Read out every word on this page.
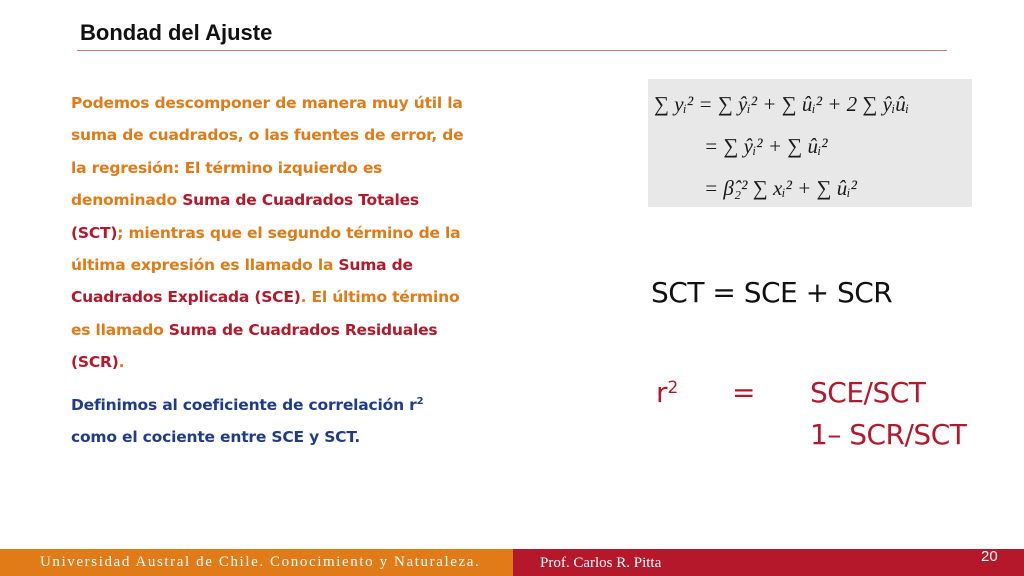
Bondad del Ajuste
Podemos descomponer de manera muy útil la suma de cuadrados, o las fuentes de error, de la regresión: El término izquierdo es denominado Suma de Cuadrados Totales (SCT); mientras que el segundo término de la última expresión es llamado la Suma de Cuadrados Explicada (SCE). El último término es llamado Suma de Cuadrados Residuales (SCR).
Definimos al coeficiente de correlación $r^2$ como el cociente entre SCE y SCT.
∑ yᵢ² = ∑ ŷᵢ² + ∑ ûᵢ² + 2 ∑ ŷᵢûᵢ
= ∑ ŷᵢ² + ∑ ûᵢ²
= β̂₂² ∑ xᵢ² + ∑ ûᵢ²
SCT = SCE + SCR
$r^2 = SCE/SCT$
1– SCR/SCT
Universidad Austral de Chile. Conocimiento y Naturaleza.	Prof. Carlos R. Pitta	20
